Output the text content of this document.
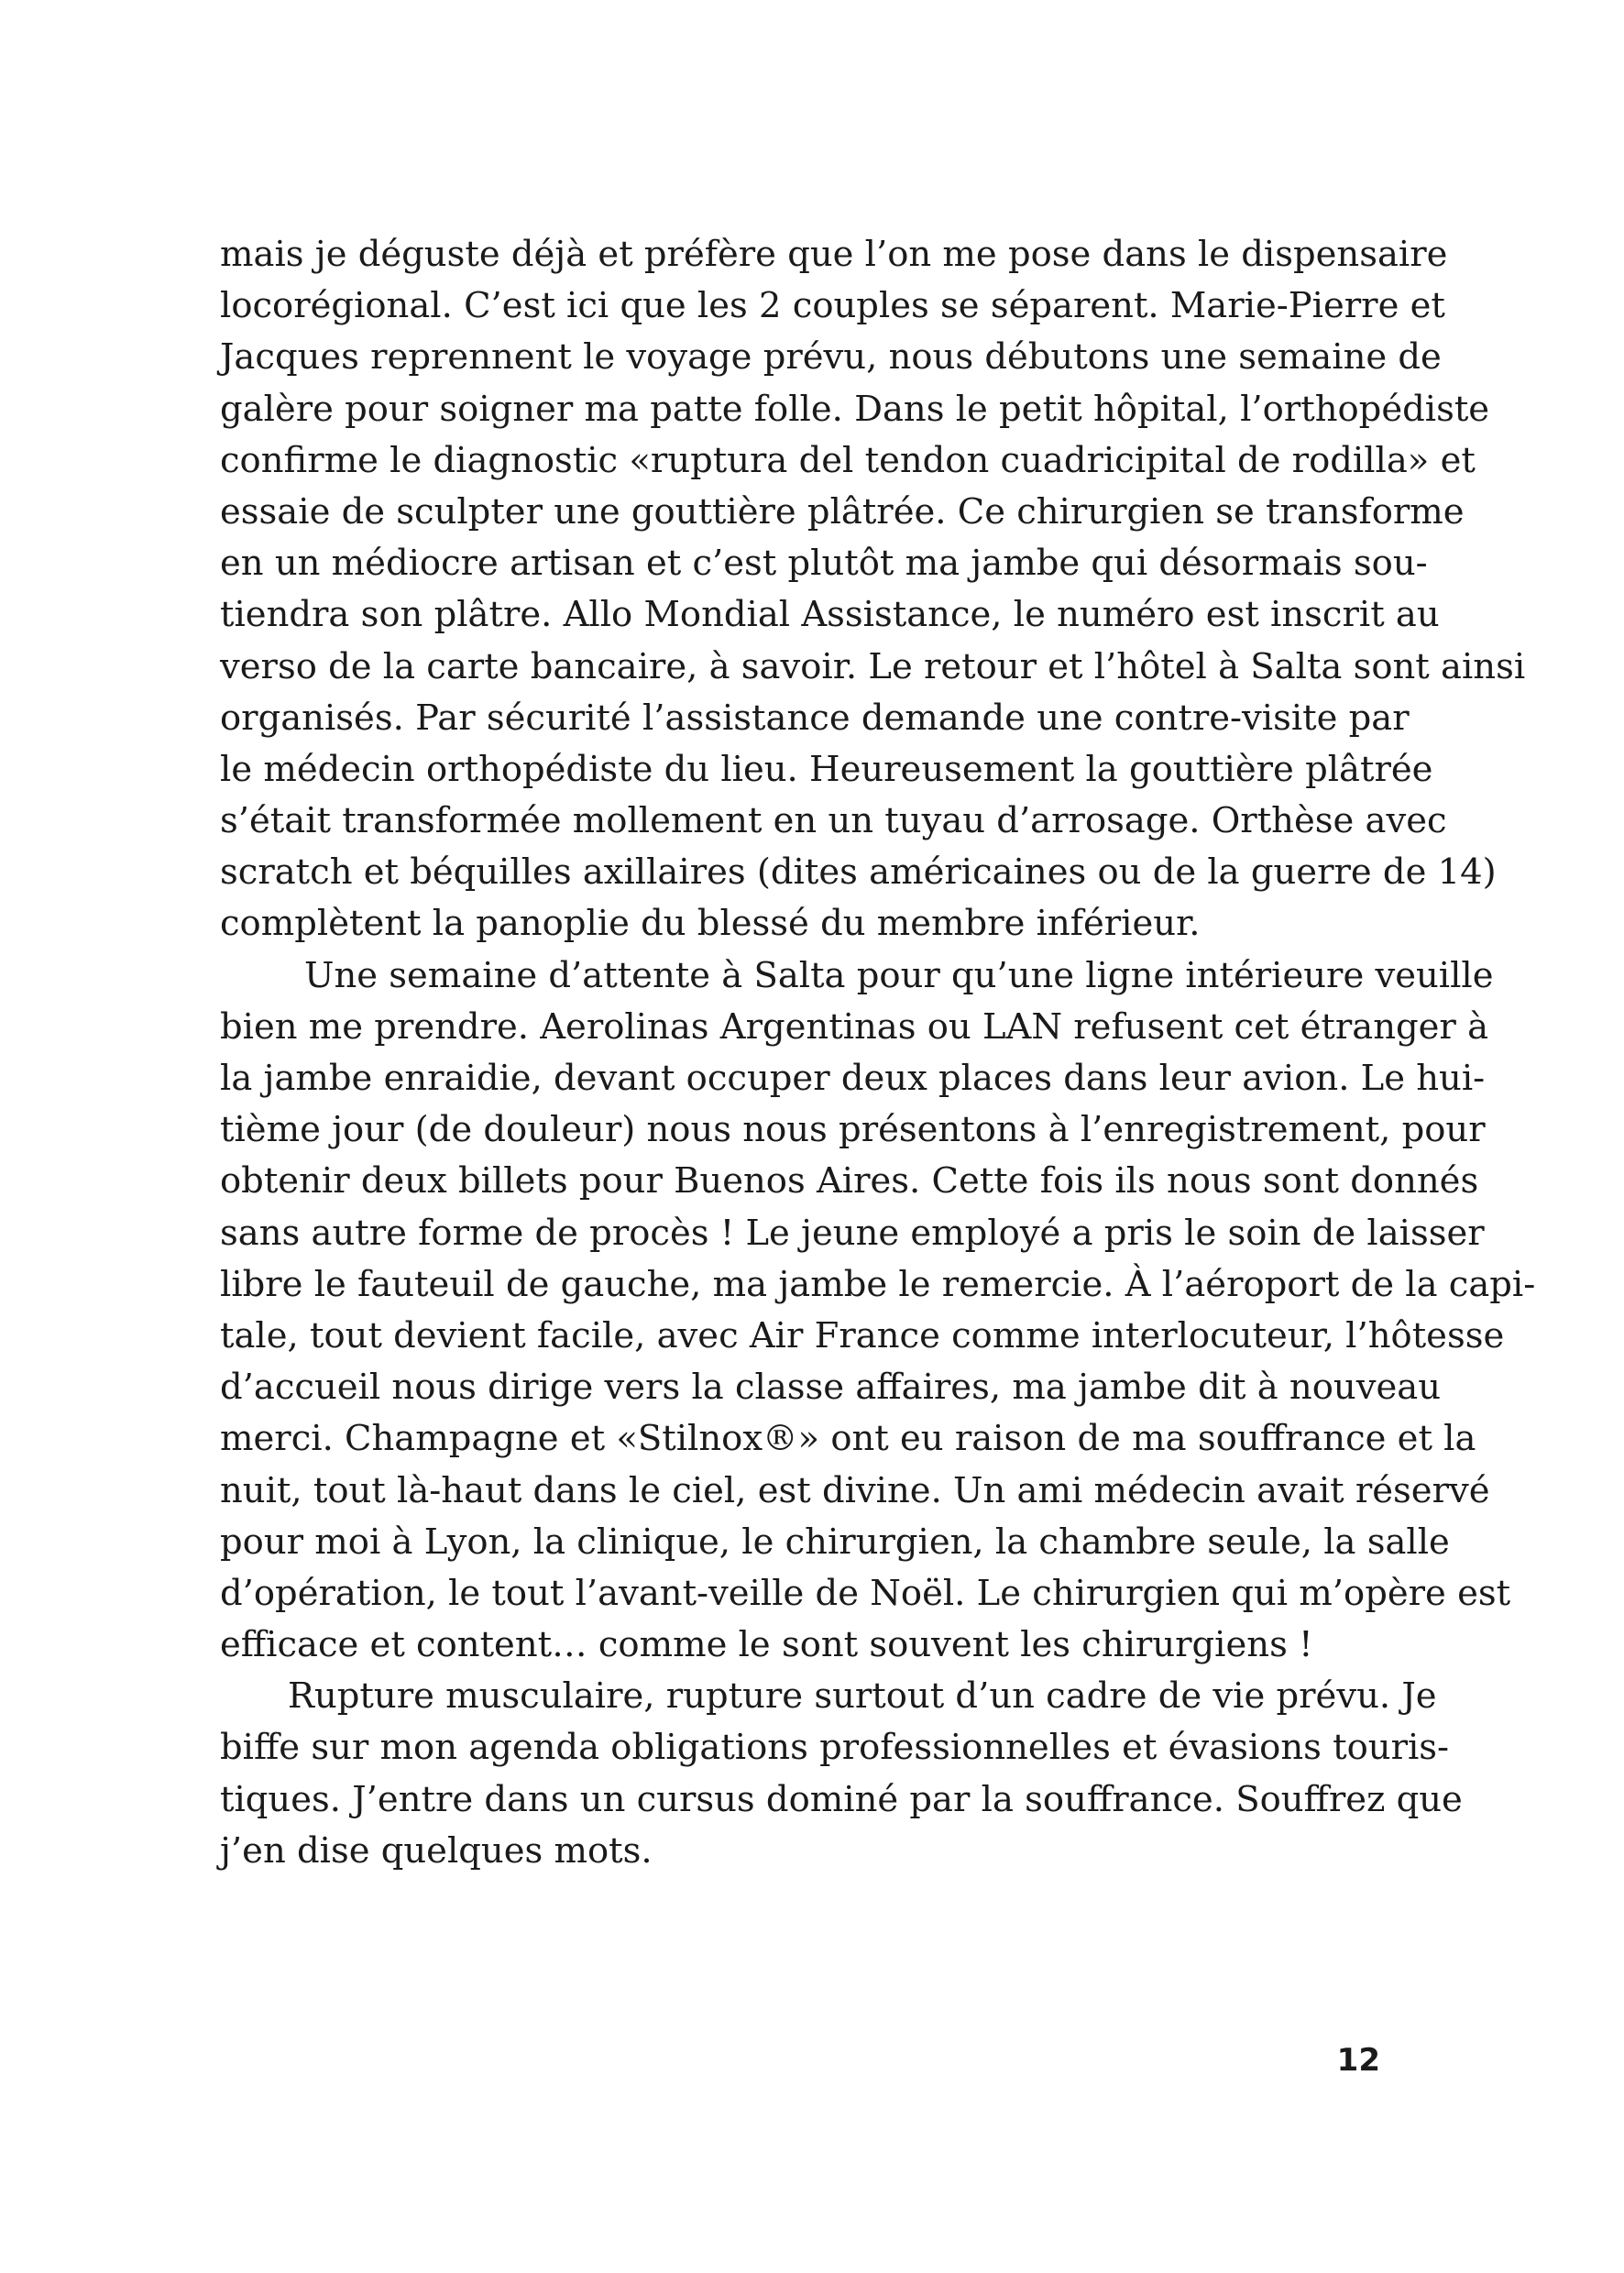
mais je déguste déjà et préfère que l’on me pose dans le dispensaire
locorégional. C’est ici que les 2 couples se séparent. Marie-Pierre et
Jacques reprennent le voyage prévu, nous débutons une semaine de
galère pour soigner ma patte folle. Dans le petit hôpital, l’orthopédiste
confirme le diagnostic «ruptura del tendon cuadricipital de rodilla» et
essaie de sculpter une gouttière plâtrée. Ce chirurgien se transforme
en un médiocre artisan et c’est plutôt ma jambe qui désormais sou-
tiendra son plâtre. Allo Mondial Assistance, le numéro est inscrit au
verso de la carte bancaire, à savoir. Le retour et l’hôtel à Salta sont ainsi
organisés. Par sécurité l’assistance demande une contre-visite par
le médecin orthopédiste du lieu. Heureusement la gouttière plâtrée
s’était transformée mollement en un tuyau d’arrosage. Orthèse avec
scratch et béquilles axillaires (dites américaines ou de la guerre de 14)
complètent la panoplie du blessé du membre inférieur.
Une semaine d’attente à Salta pour qu’une ligne intérieure veuille
bien me prendre. Aerolinas Argentinas ou LAN refusent cet étranger à
la jambe enraidie, devant occuper deux places dans leur avion. Le hui-
tième jour (de douleur) nous nous présentons à l’enregistrement, pour
obtenir deux billets pour Buenos Aires. Cette fois ils nous sont donnés
sans autre forme de procès ! Le jeune employé a pris le soin de laisser
libre le fauteuil de gauche, ma jambe le remercie. À l’aéroport de la capi-
tale, tout devient facile, avec Air France comme interlocuteur, l’hôtesse
d’accueil nous dirige vers la classe affaires, ma jambe dit à nouveau
merci. Champagne et «Stilnox®» ont eu raison de ma souffrance et la
nuit, tout là-haut dans le ciel, est divine. Un ami médecin avait réservé
pour moi à Lyon, la clinique, le chirurgien, la chambre seule, la salle
d’opération, le tout l’avant-veille de Noël. Le chirurgien qui m’opère est
efficace et content… comme le sont souvent les chirurgiens !
Rupture musculaire, rupture surtout d’un cadre de vie prévu. Je
biffe sur mon agenda obligations professionnelles et évasions touris-
tiques. J’entre dans un cursus dominé par la souffrance. Souffrez que
j’en dise quelques mots.
12
